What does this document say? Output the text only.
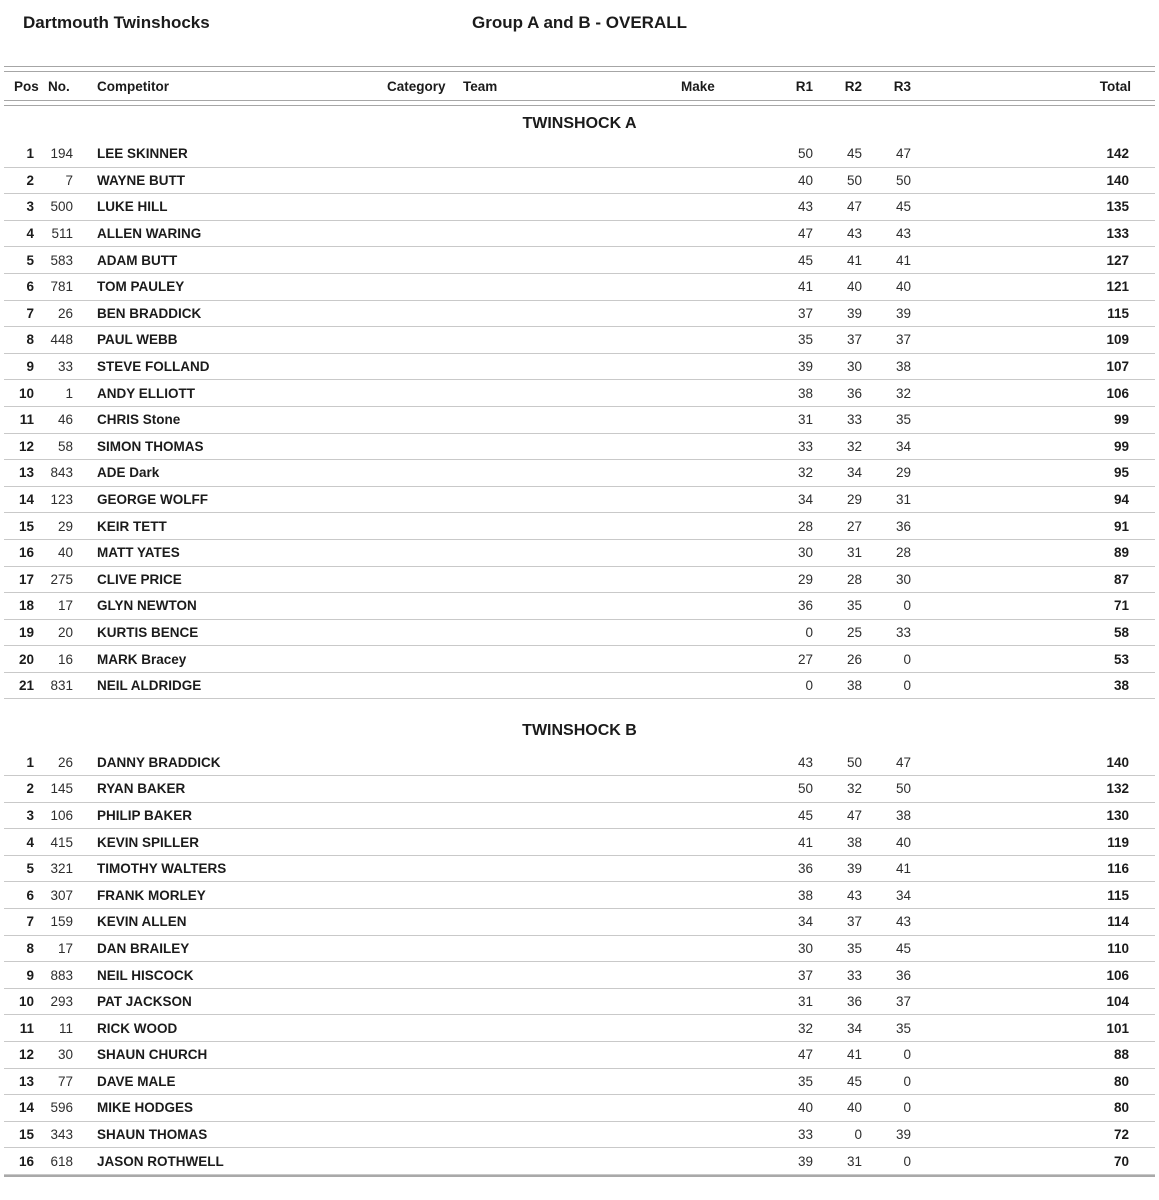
Dartmouth Twinshocks	Group A and B - OVERALL
Pos No.	Competitor	Category	Team	Make	R1	R2	R3	Total
TWINSHOCK A
1	194	LEE SKINNER	50	45	47	142
2	7	WAYNE BUTT	40	50	50	140
3	500	LUKE HILL	43	47	45	135
4	511	ALLEN WARING	47	43	43	133
5	583	ADAM BUTT	45	41	41	127
6	781	TOM PAULEY	41	40	40	121
7	26	BEN BRADDICK	37	39	39	115
8	448	PAUL WEBB	35	37	37	109
9	33	STEVE FOLLAND	39	30	38	107
10	1	ANDY ELLIOTT	38	36	32	106
11	46	CHRIS Stone	31	33	35	99
12	58	SIMON THOMAS	33	32	34	99
13	843	ADE Dark	32	34	29	95
14	123	GEORGE WOLFF	34	29	31	94
15	29	KEIR TETT	28	27	36	91
16	40	MATT YATES	30	31	28	89
17	275	CLIVE PRICE	29	28	30	87
18	17	GLYN NEWTON	36	35	0	71
19	20	KURTIS BENCE	0	25	33	58
20	16	MARK Bracey	27	26	0	53
21	831	NEIL ALDRIDGE	0	38	0	38
TWINSHOCK B
1	26	DANNY BRADDICK	43	50	47	140
2	145	RYAN BAKER	50	32	50	132
3	106	PHILIP BAKER	45	47	38	130
4	415	KEVIN SPILLER	41	38	40	119
5	321	TIMOTHY WALTERS	36	39	41	116
6	307	FRANK MORLEY	38	43	34	115
7	159	KEVIN ALLEN	34	37	43	114
8	17	DAN BRAILEY	30	35	45	110
9	883	NEIL HISCOCK	37	33	36	106
10	293	PAT JACKSON	31	36	37	104
11	11	RICK WOOD	32	34	35	101
12	30	SHAUN CHURCH	47	41	0	88
13	77	DAVE MALE	35	45	0	80
14	596	MIKE HODGES	40	40	0	80
15	343	SHAUN THOMAS	33	0	39	72
16	618	JASON ROTHWELL	39	31	0	70
